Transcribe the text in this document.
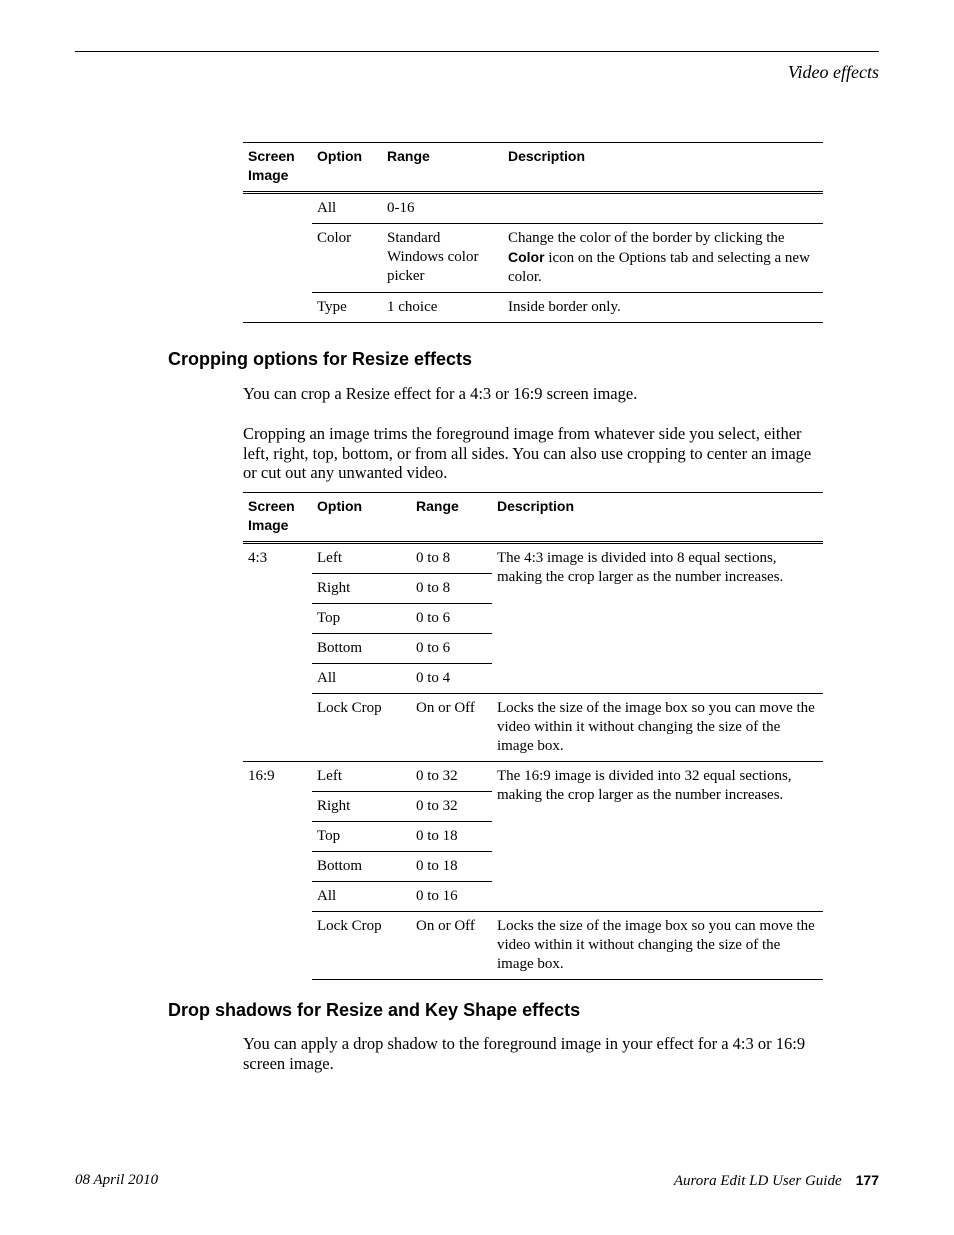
Video effects
Screen Image	Option	Range	Description
	All	0-16	
	Color	Standard Windows color picker	Change the color of the border by clicking the Color icon on the Options tab and selecting a new color.
	Type	1 choice	Inside border only.
Cropping options for Resize effects

You can crop a Resize effect for a 4:3 or 16:9 screen image.

Cropping an image trims the foreground image from whatever side you select, either left, right, top, bottom, or from all sides. You can also use cropping to center an image or cut out any unwanted video.

Screen Image	Option	Range	Description
4:3	Left	0 to 8	The 4:3 image is divided into 8 equal sections, making the crop larger as the number increases.
	Right	0 to 8	
	Top	0 to 6	
	Bottom	0 to 6	
	All	0 to 4	
	Lock Crop	On or Off	Locks the size of the image box so you can move the video within it without changing the size of the image box.
16:9	Left	0 to 32	The 16:9 image is divided into 32 equal sections, making the crop larger as the number increases.
	Right	0 to 32	
	Top	0 to 18	
	Bottom	0 to 18	
	All	0 to 16	
	Lock Crop	On or Off	Locks the size of the image box so you can move the video within it without changing the size of the image box.
Drop shadows for Resize and Key Shape effects

You can apply a drop shadow to the foreground image in your effect for a 4:3 or 16:9 screen image.

08 April 2010	Aurora Edit LD User Guide 177
